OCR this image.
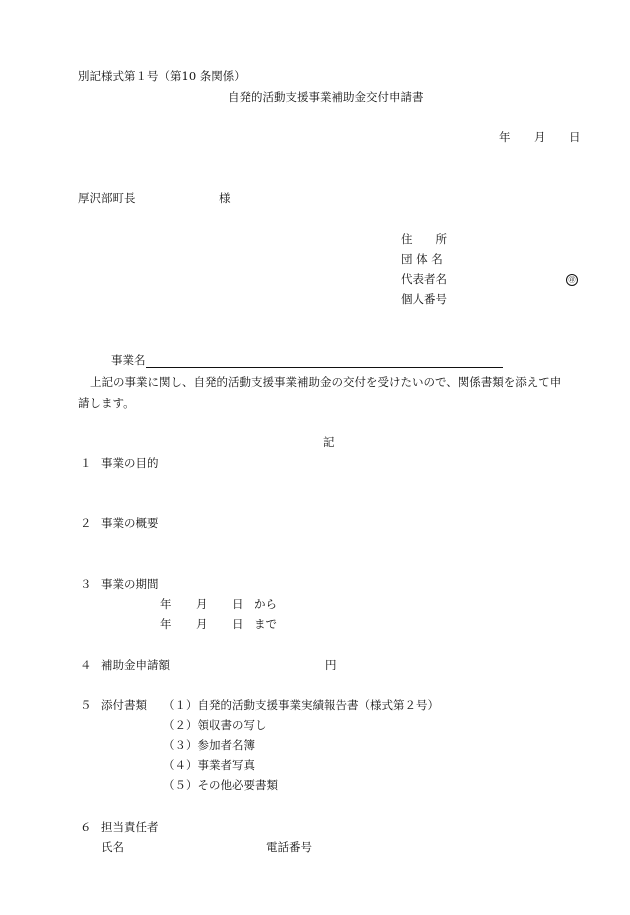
別記様式第１号（第10 条関係）
自発的活動支援事業補助金交付申請書
年 月 日
厚沢部町長	様
住　　所
団 体 名
代表者名	㊞
個人番号
事業名
上記の事業に関し、自発的活動支援事業補助金の交付を受けたいので、関係書類を添えて申
請します。
記
１ 事業の目的
２ 事業の概要
３ 事業の期間
年 月 日 から
年 月 日 まで
４ 補助金申請額	円
５ 添付書類 （１）自発的活動支援事業実績報告書（様式第２号）
（２）領収書の写し
（３）参加者名簿
（４）事業者写真
（５）その他必要書類
６ 担当責任者
氏名	電話番号
